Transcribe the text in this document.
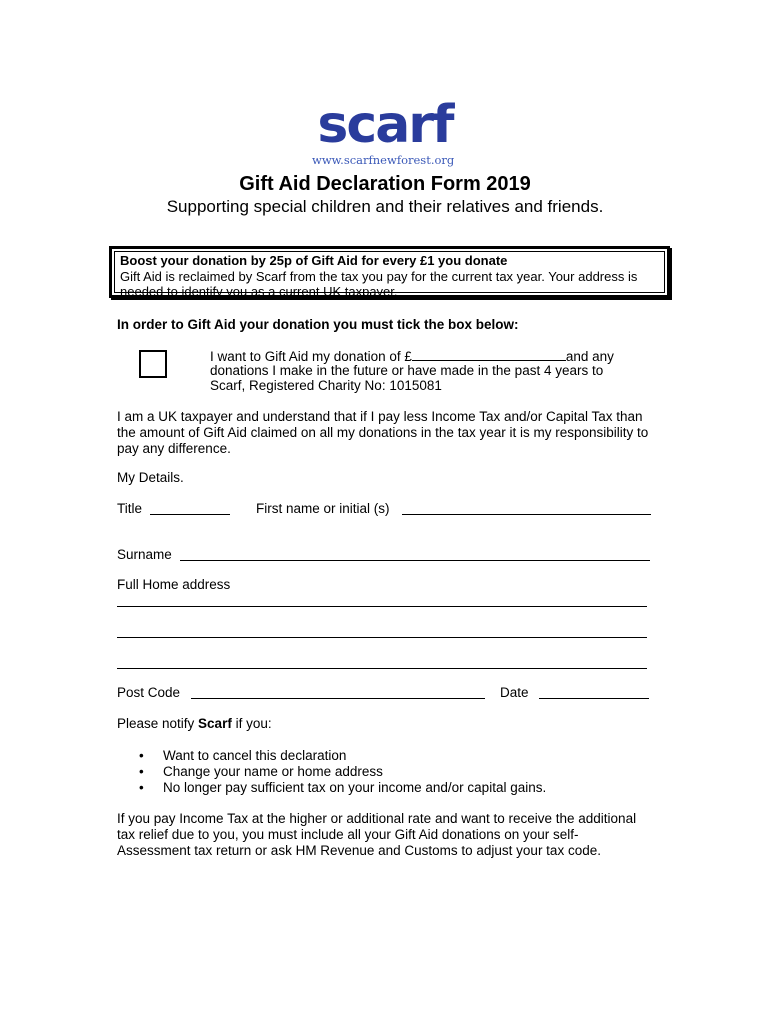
scarf
www.scarfnewforest.org
Gift Aid Declaration Form 2019
Supporting special children and their relatives and friends.
Boost your donation by 25p of Gift Aid for every £1 you donate
Gift Aid is reclaimed by Scarf from the tax you pay for the current tax year. Your address is needed to identify you as a current UK taxpayer.
In order to Gift Aid your donation you must tick the box below:
I want to Gift Aid my donation of £	and any
donations I make in the future or have made in the past 4 years to
Scarf, Registered Charity No: 1015081
I am a UK taxpayer and understand that if I pay less Income Tax and/or Capital Tax than the amount of Gift Aid claimed on all my donations in the tax year it is my responsibility to pay any difference.
My Details.
Title	First name or initial (s)
Surname
Full Home address
Post Code	Date
Please notify Scarf if you:
• Want to cancel this declaration
• Change your name or home address
• No longer pay sufficient tax on your income and/or capital gains.
If you pay Income Tax at the higher or additional rate and want to receive the additional tax relief due to you, you must include all your Gift Aid donations on your self-Assessment tax return or ask HM Revenue and Customs to adjust your tax code.
